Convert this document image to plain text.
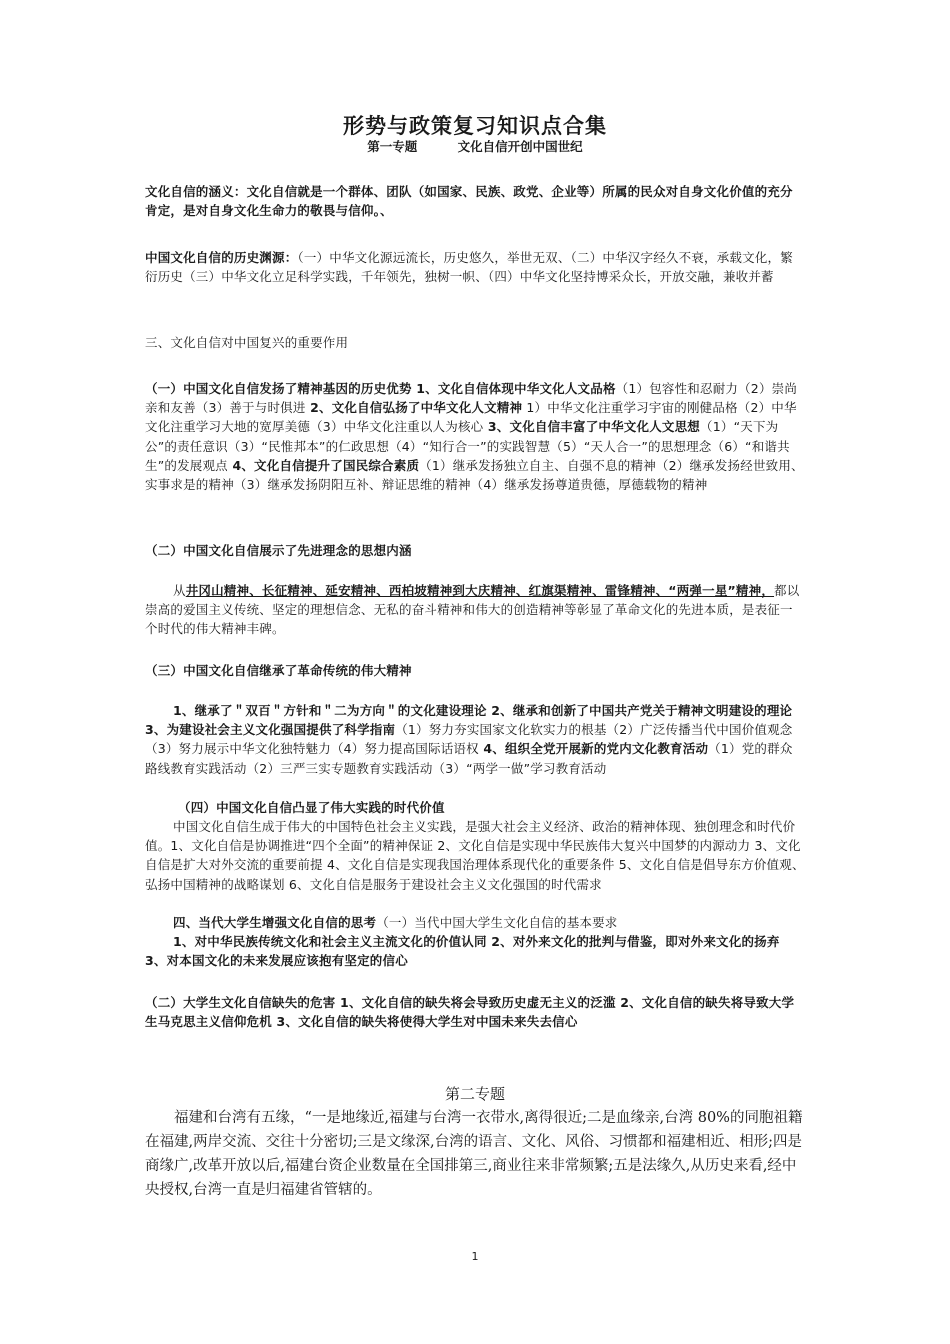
形势与政策复习知识点合集
第一专题	文化自信开创中国世纪
文化自信的涵义：文化自信就是一个群体、团队（如国家、民族、政党、企业等）所属的民众对自身文化价值的充分肯定，是对自身文化生命力的敬畏与信仰。、
中国文化自信的历史渊源：（一）中华文化源远流长，历史悠久，举世无双、（二）中华汉字经久不衰，承载文化，繁衍历史（三）中华文化立足科学实践，千年领先，独树一帜、（四）中华文化坚持博采众长，开放交融，兼收并蓄
三、文化自信对中国复兴的重要作用
（一）中国文化自信发扬了精神基因的历史优势 1、文化自信体现中华文化人文品格（1）包容性和忍耐力（2）崇尚亲和友善（3）善于与时俱进 2、文化自信弘扬了中华文化人文精神 1）中华文化注重学习宇宙的刚健品格（2）中华文化注重学习大地的宽厚美德（3）中华文化注重以人为核心 3、文化自信丰富了中华文化人文思想（1）“天下为公”的责任意识（3）“民惟邦本”的仁政思想（4）“知行合一”的实践智慧（5）“天人合一”的思想理念（6）“和谐共生”的发展观点 4、文化自信提升了国民综合素质（1）继承发扬独立自主、自强不息的精神（2）继承发扬经世致用、实事求是的精神（3）继承发扬阴阳互补、辩证思维的精神（4）继承发扬尊道贵德，厚德载物的精神
（二）中国文化自信展示了先进理念的思想内涵
从井冈山精神、长征精神、延安精神、西柏坡精神到大庆精神、红旗渠精神、雷锋精神、“两弹一星”精神，都以崇高的爱国主义传统、坚定的理想信念、无私的奋斗精神和伟大的创造精神等彰显了革命文化的先进本质，是表征一个时代的伟大精神丰碑。
（三）中国文化自信继承了革命传统的伟大精神
1、继承了＂双百＂方针和＂二为方向＂的文化建设理论 2、继承和创新了中国共产党关于精神文明建设的理论 3、为建设社会主义文化强国提供了科学指南（1）努力夯实国家文化软实力的根基（2）广泛传播当代中国价值观念（3）努力展示中华文化独特魅力（4）努力提高国际话语权 4、组织全党开展新的党内文化教育活动（1）党的群众路线教育实践活动（2）三严三实专题教育实践活动（3）“两学一做”学习教育活动
（四）中国文化自信凸显了伟大实践的时代价值
中国文化自信生成于伟大的中国特色社会主义实践，是强大社会主义经济、政治的精神体现、独创理念和时代价值。1、文化自信是协调推进“四个全面”的精神保证 2、文化自信是实现中华民族伟大复兴中国梦的内源动力 3、文化自信是扩大对外交流的重要前提 4、文化自信是实现我国治理体系现代化的重要条件 5、文化自信是倡导东方价值观、弘扬中国精神的战略谋划 6、文化自信是服务于建设社会主义文化强国的时代需求
四、当代大学生增强文化自信的思考（一）当代中国大学生文化自信的基本要求
1、对中华民族传统文化和社会主义主流文化的价值认同 2、对外来文化的批判与借鉴，即对外来文化的扬弃 3、对本国文化的未来发展应该抱有坚定的信心
（二）大学生文化自信缺失的危害 1、文化自信的缺失将会导致历史虚无主义的泛滥 2、文化自信的缺失将导致大学生马克思主义信仰危机 3、文化自信的缺失将使得大学生对中国未来失去信心
第二专题
福建和台湾有五缘，“一是地缘近,福建与台湾一衣带水,离得很近;二是血缘亲,台湾 80%的同胞祖籍在福建,两岸交流、交往十分密切;三是文缘深,台湾的语言、文化、风俗、习惯都和福建相近、相形;四是商缘广,改革开放以后,福建台资企业数量在全国排第三,商业往来非常频繁;五是法缘久,从历史来看,经中央授权,台湾一直是归福建省管辖的。
1
